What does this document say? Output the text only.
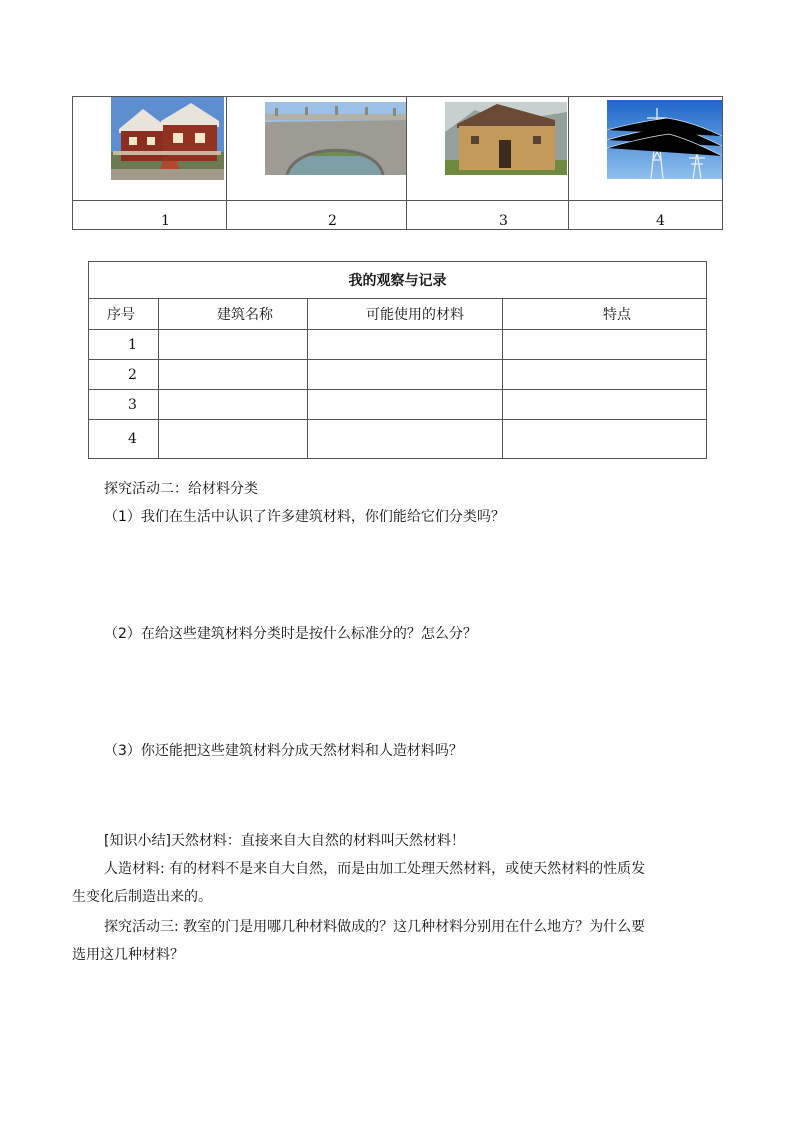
1	2	3	4
我的观察与记录			
序号	建筑名称	可能使用的材料	特点
1			
2			
3			
4			
探究活动二：给材料分类
（1）我们在生活中认识了许多建筑材料，你们能给它们分类吗？
（2）在给这些建筑材料分类时是按什么标准分的？怎么分？
（3）你还能把这些建筑材料分成天然材料和人造材料吗？
[知识小结]天然材料：直接来自大自然的材料叫天然材料！
人造材料: 有的材料不是来自大自然，而是由加工处理天然材料，或使天然材料的性质发
生变化后制造出来的。
探究活动三: 教室的门是用哪几种材料做成的？这几种材料分别用在什么地方？为什么要
选用这几种材料？
